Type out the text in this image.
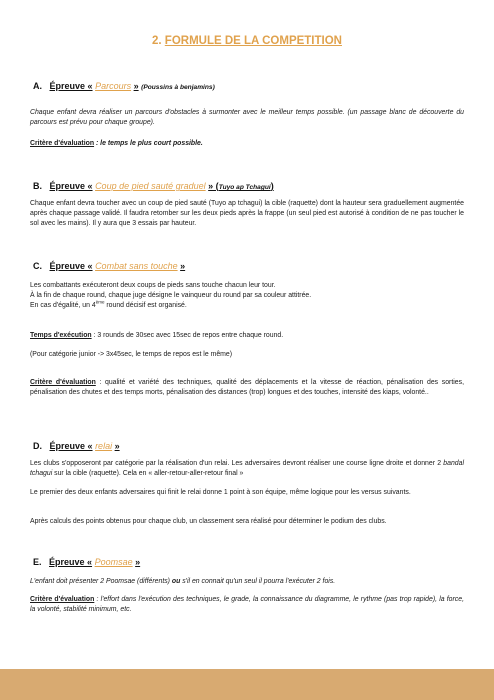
2. FORMULE DE LA COMPETITION
A. Épreuve « Parcours » (Poussins à benjamins)

Chaque enfant devra réaliser un parcours d'obstacles à surmonter avec le meilleur temps possible. (un passage blanc de découverte du parcours est prévu pour chaque groupe).

Critère d'évaluation : le temps le plus court possible.

B. Épreuve « Coup de pied sauté graduel » (Tuyo ap Tchagui)

Chaque enfant devra toucher avec un coup de pied sauté (Tuyo ap tchagui) la cible (raquette) dont la hauteur sera graduellement augmentée après chaque passage validé. Il faudra retomber sur les deux pieds après la frappe (un seul pied est autorisé à condition de ne pas toucher le sol avec les mains). Il y aura que 3 essais par hauteur.

C. Épreuve « Combat sans touche »

Les combattants exécuteront deux coups de pieds sans touche chacun leur tour.

À la fin de chaque round, chaque juge désigne le vainqueur du round par sa couleur attitrée.

En cas d'égalité, un 4ème round décisif est organisé.

Temps d'exécution : 3 rounds de 30sec avec 15sec de repos entre chaque round.

(Pour catégorie junior -> 3x45sec, le temps de repos est le même)

Critère d'évaluation : qualité et variété des techniques, qualité des déplacements et la vitesse de réaction, pénalisation des sorties, pénalisation des chutes et des temps morts, pénalisation des distances (trop) longues et des touches, intensité des kiaps, volonté..

D. Épreuve « relai »

Les clubs s'opposeront par catégorie par la réalisation d'un relai. Les adversaires devront réaliser une course ligne droite et donner 2 bandal tchagui sur la cible (raquette). Cela en « aller-retour-aller-retour final »

Le premier des deux enfants adversaires qui finit le relai donne 1 point à son équipe, même logique pour les versus suivants.

Après calculs des points obtenus pour chaque club, un classement sera réalisé pour déterminer le podium des clubs.

E. Épreuve « Poomsae »

L'enfant doit présenter 2 Poomsae (différents) ou s'il en connait qu'un seul il pourra l'exécuter 2 fois.

Critère d'évaluation : l'effort dans l'exécution des techniques, le grade, la connaissance du diagramme, le rythme (pas trop rapide), la force, la volonté, stabilité minimum, etc.
